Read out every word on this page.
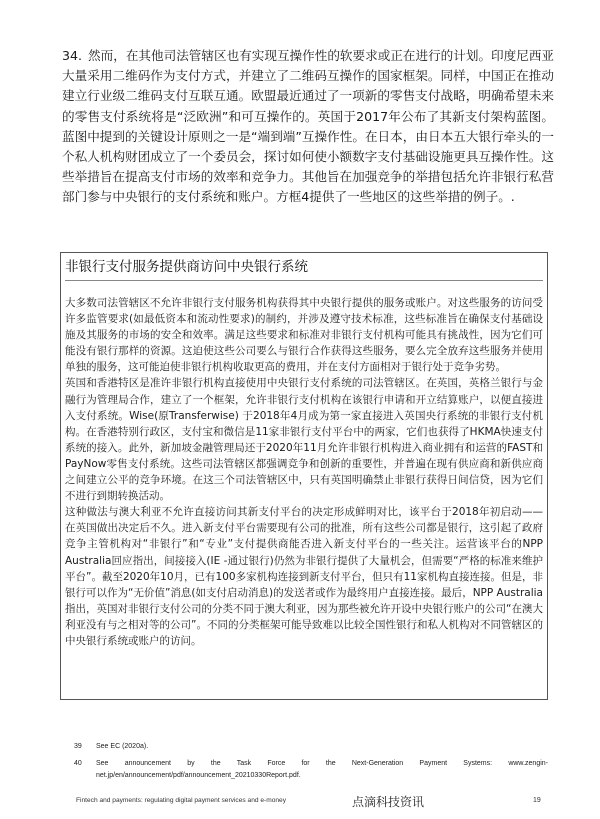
34. 然而，在其他司法管辖区也有实现互操作性的软要求或正在进行的计划。印度尼西亚大量采用二维码作为支付方式，并建立了二维码互操作的国家框架。同样，中国正在推动建立行业级二维码支付互联互通。欧盟最近通过了一项新的零售支付战略，明确希望未来的零售支付系统将是“泛欧洲”和可互操作的。英国于2017年公布了其新支付架构蓝图。蓝图中提到的关键设计原则之一是“端到端”互操作性。在日本，由日本五大银行牵头的一个私人机构财团成立了一个委员会，探讨如何使小额数字支付基础设施更具互操作性。这些举措旨在提高支付市场的效率和竞争力。其他旨在加强竞争的举措包括允许非银行私营部门参与中央银行的支付系统和账户。方框4提供了一些地区的这些举措的例子。.

非银行支付服务提供商访问中央银行系统

大多数司法管辖区不允许非银行支付服务机构获得其中央银行提供的服务或账户。对这些服务的访问受许多监管要求(如最低资本和流动性要求)的制约，并涉及遵守技术标准，这些标准旨在确保支付基础设施及其服务的市场的安全和效率。满足这些要求和标准对非银行支付机构可能具有挑战性，因为它们可能没有银行那样的资源。这迫使这些公司要么与银行合作获得这些服务，要么完全放弃这些服务并使用单独的服务，这可能迫使非银行机构收取更高的费用，并在支付方面相对于银行处于竞争劣势。

英国和香港特区是准许非银行机构直接使用中央银行支付系统的司法管辖区。在英国，英格兰银行与金融行为管理局合作，建立了一个框架，允许非银行支付机构在该银行申请和开立结算账户，以便直接进入支付系统。Wise(原Transferwise) 于2018年4月成为第一家直接进入英国央行系统的非银行支付机构。在香港特别行政区，支付宝和微信是11家非银行支付平台中的两家，它们也获得了HKMA快速支付系统的接入。此外，新加坡金融管理局还于2020年11月允许非银行机构进入商业拥有和运营的FAST和PayNow零售支付系统。这些司法管辖区都强调竞争和创新的重要性，并普遍在现有供应商和新供应商之间建立公平的竞争环境。在这三个司法管辖区中，只有英国明确禁止非银行获得日间信贷，因为它们不进行到期转换活动。

这种做法与澳大利亚不允许直接访问其新支付平台的决定形成鲜明对比，该平台于2018年初启动——在英国做出决定后不久。进入新支付平台需要现有公司的批准，所有这些公司都是银行，这引起了政府竞争主管机构对“非银行”和“专业”支付提供商能否进入新支付平台的一些关注。运营该平台的NPP Australia回应指出，间接接入(IE -通过银行)仍然为非银行提供了大量机会，但需要“严格的标准来维护平台”。截至2020年10月，已有100多家机构连接到新支付平台，但只有11家机构直接连接。但是，非银行可以作为“无价值”消息(如支付启动消息)的发送者或作为最终用户直接连接。最后，NPP Australia指出，英国对非银行支付公司的分类不同于澳大利亚，因为那些被允许开设中央银行账户的公司“在澳大利亚没有与之相对等的公司”。不同的分类框架可能导致难以比较全国性银行和私人机构对不同管辖区的中央银行系统或账户的访问。

39 See EC (2020a).
40 See announcement by the Task Force for the Next-Generation Payment Systems: www.zengin-net.jp/en/announcement/pdf/announcement_20210330Report.pdf.
Fintech and payments: regulating digital payment services and e-money	点滴科技资讯	19
